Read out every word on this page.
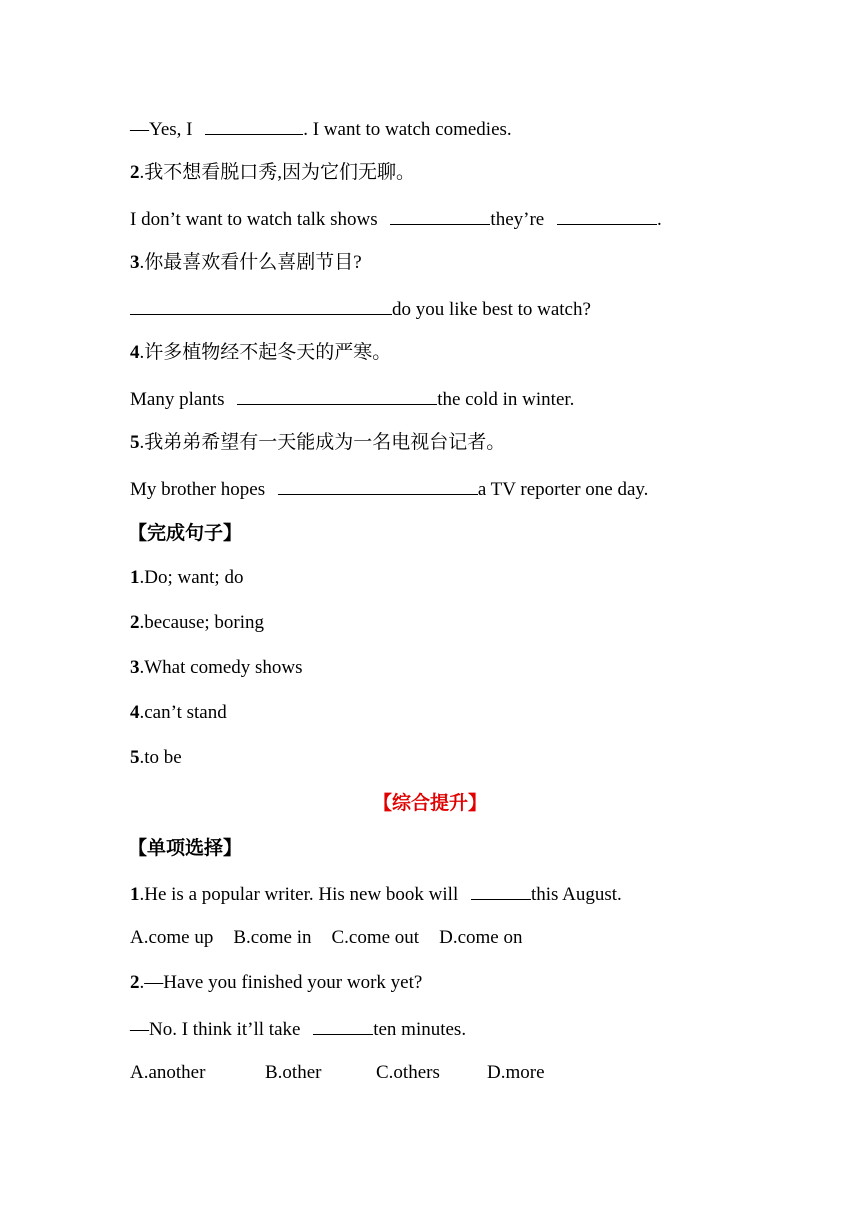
—Yes, I	. I want to watch comedies.
2.我不想看脱口秀,因为它们无聊。
I don’t want to watch talk shows	they’re	.
3.你最喜欢看什么喜剧节目?
do you like best to watch?
4.许多植物经不起冬天的严寒。
Many plants	the cold in winter.
5.我弟弟希望有一天能成为一名电视台记者。
My brother hopes	a TV reporter one day.
【完成句子】
1.Do; want; do
2.because; boring
3.What comedy shows
4.can’t stand
5.to be
【综合提升】
【单项选择】
1.He is a popular writer. His new book will	this August.
A.come up B.come in C.come out D.come on
2.—Have you finished your work yet?
—No. I think it’ll take	ten minutes.
A.another	B.other	C.others D.more
